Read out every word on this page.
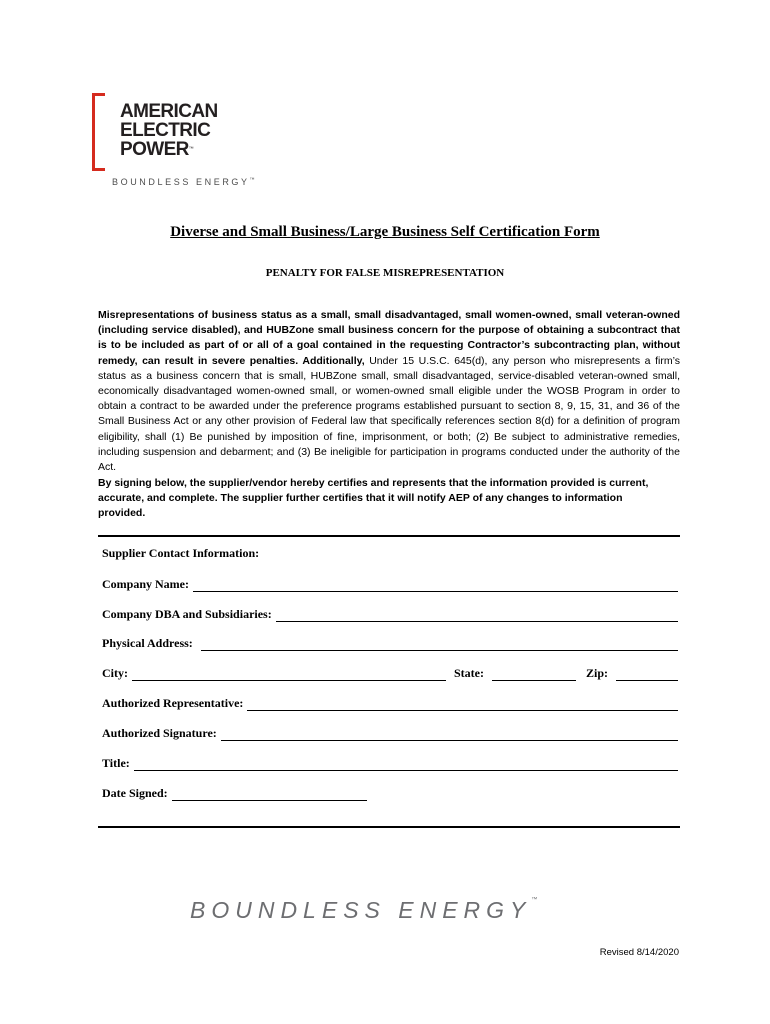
AMERICAN
ELECTRIC
POWER™
BOUNDLESS ENERGY™
Diverse and Small Business/Large Business Self Certification Form
PENALTY FOR FALSE MISREPRESENTATION
Misrepresentations of business status as a small, small disadvantaged, small women-owned, small veteran-owned (including service disabled), and HUBZone small business concern for the purpose of obtaining a subcontract that is to be included as part of or all of a goal contained in the requesting Contractor’s subcontracting plan, without remedy, can result in severe penalties. Additionally, Under 15 U.S.C. 645(d), any person who misrepresents a firm’s status as a business concern that is small, HUBZone small, small disadvantaged, service-disabled veteran-owned small, economically disadvantaged women-owned small, or women-owned small eligible under the WOSB Program in order to obtain a contract to be awarded under the preference programs established pursuant to section 8, 9, 15, 31, and 36 of the Small Business Act or any other provision of Federal law that specifically references section 8(d) for a definition of program eligibility, shall (1) Be punished by imposition of fine, imprisonment, or both; (2) Be subject to administrative remedies, including suspension and debarment; and (3) Be ineligible for participation in programs conducted under the authority of the Act.
By signing below, the supplier/vendor hereby certifies and represents that the information provided is current, accurate, and complete. The supplier further certifies that it will notify AEP of any changes to information provided.
Supplier Contact Information:
Company Name:
Company DBA and Subsidiaries:
Physical Address:
City:	State:	Zip:
Authorized Representative:
Authorized Signature:
Title:
Date Signed:
BOUNDLESS ENERGY™
Revised 8/14/2020
